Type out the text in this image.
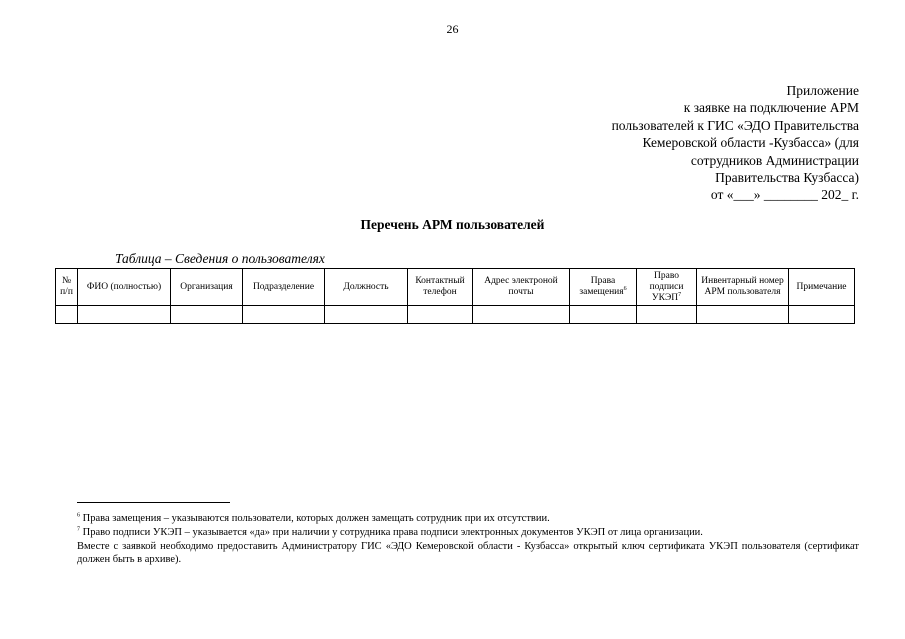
26
Приложение
к заявке на подключение АРМ
пользователей к ГИС «ЭДО Правительства
Кемеровской области -Кузбасса» (для
сотрудников Администрации
Правительства Кузбасса)
от «___» ________ 202_ г.
Перечень АРМ пользователей
Таблица – Сведения о пользователях
№ п/п	ФИО (полностью)	Организация	Подразделение	Должность	Контактный телефон	Адрес электроной почты	Права замещения$^6$	Право подписи УКЭП$^7$	Инвентарный номер АРМ пользователя	Примечание

$^6$ Права замещения – указываются пользователи, которых должен замещать сотрудник при их отсутствии.

$^7$ Право подписи УКЭП – указывается «да» при наличии у сотрудника права подписи электронных документов УКЭП от лица организации.

Вместе с заявкой необходимо предоставить Администратору ГИС «ЭДО Кемеровской области - Кузбасса» открытый ключ сертификата УКЭП пользователя (сертификат должен быть в архиве).
